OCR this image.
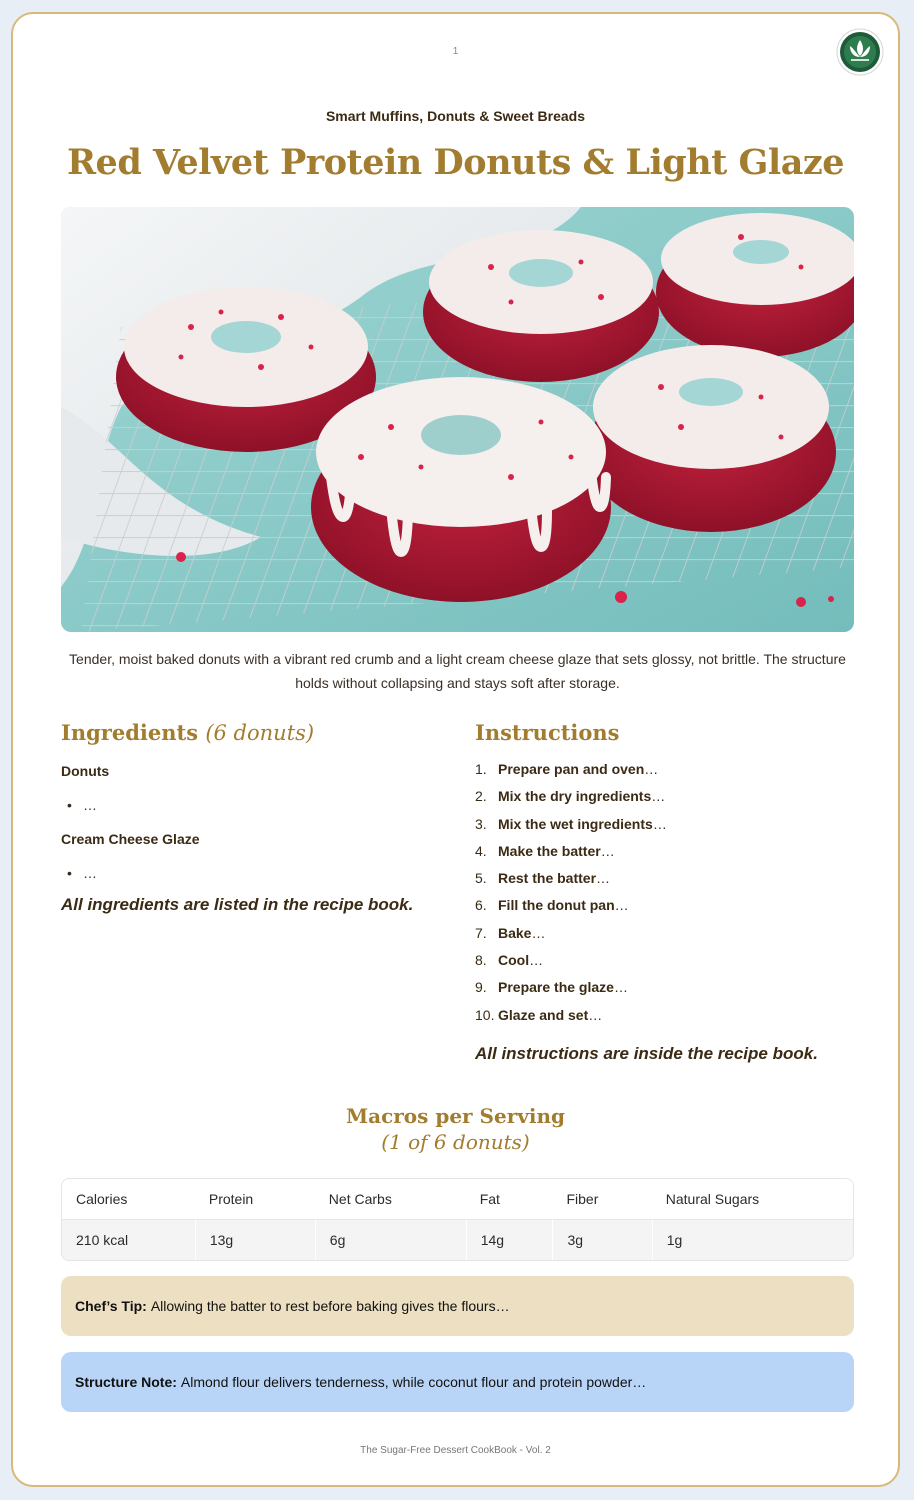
1
Smart Muffins, Donuts & Sweet Breads
Red Velvet Protein Donuts & Light Glaze
Tender, moist baked donuts with a vibrant red crumb and a light cream cheese glaze that sets glossy, not brittle. The structure holds without collapsing and stays soft after storage.
Ingredients (6 donuts)
Donuts
• …
Cream Cheese Glaze
• …
All ingredients are listed in the recipe book.
Instructions
1. Prepare pan and oven …
2. Mix the dry ingredients …
3. Mix the wet ingredients …
4. Make the batter …
5. Rest the batter …
6. Fill the donut pan …
7. Bake …
8. Cool …
9. Prepare the glaze …
10. Glaze and set …
All instructions are inside the recipe book.
Macros per Serving
(1 of 6 donuts)
Calories	Protein	Net Carbs	Fat	Fiber	Natural Sugars
210 kcal	13g	6g	14g	3g	1g
Chef’s Tip: Allowing the batter to rest before baking gives the flours…
Structure Note: Almond flour delivers tenderness, while coconut flour and protein powder…
The Sugar-Free Dessert CookBook - Vol. 2
